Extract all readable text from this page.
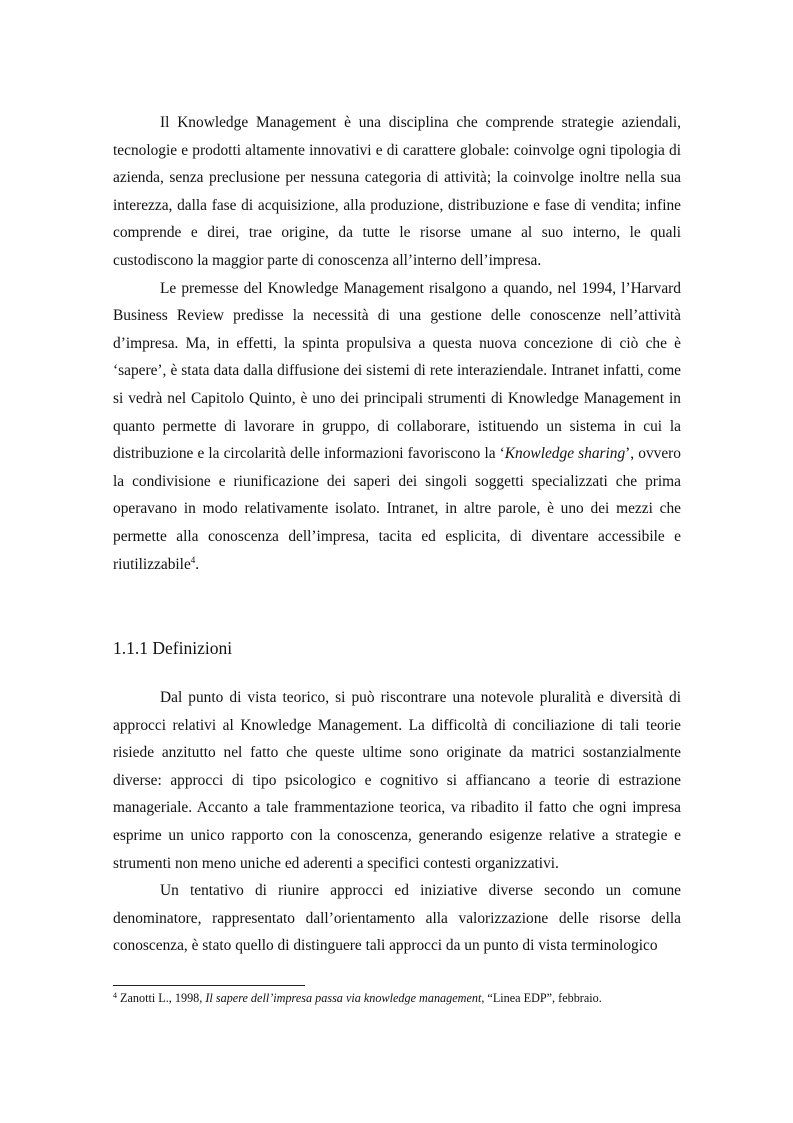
Il Knowledge Management è una disciplina che comprende strategie aziendali, tecnologie e prodotti altamente innovativi e di carattere globale: coinvolge ogni tipologia di azienda, senza preclusione per nessuna categoria di attività; la coinvolge inoltre nella sua interezza, dalla fase di acquisizione, alla produzione, distribuzione e fase di vendita; infine comprende e direi, trae origine, da tutte le risorse umane al suo interno, le quali custodiscono la maggior parte di conoscenza all’interno dell’impresa.

Le premesse del Knowledge Management risalgono a quando, nel 1994, l’Harvard Business Review predisse la necessità di una gestione delle conoscenze nell’attività d’impresa. Ma, in effetti, la spinta propulsiva a questa nuova concezione di ciò che è ‘sapere’, è stata data dalla diffusione dei sistemi di rete interaziendale. Intranet infatti, come si vedrà nel Capitolo Quinto, è uno dei principali strumenti di Knowledge Management in quanto permette di lavorare in gruppo, di collaborare, istituendo un sistema in cui la distribuzione e la circolarità delle informazioni favoriscono la ‘Knowledge sharing’, ovvero la condivisione e riunificazione dei saperi dei singoli soggetti specializzati che prima operavano in modo relativamente isolato. Intranet, in altre parole, è uno dei mezzi che permette alla conoscenza dell’impresa, tacita ed esplicita, di diventare accessibile e riutilizzabile$^4$.

1.1.1 Definizioni

Dal punto di vista teorico, si può riscontrare una notevole pluralità e diversità di approcci relativi al Knowledge Management. La difficoltà di conciliazione di tali teorie risiede anzitutto nel fatto che queste ultime sono originate da matrici sostanzialmente diverse: approcci di tipo psicologico e cognitivo si affiancano a teorie di estrazione manageriale. Accanto a tale frammentazione teorica, va ribadito il fatto che ogni impresa esprime un unico rapporto con la conoscenza, generando esigenze relative a strategie e strumenti non meno uniche ed aderenti a specifici contesti organizzativi.

Un tentativo di riunire approcci ed iniziative diverse secondo un comune denominatore, rappresentato dall’orientamento alla valorizzazione delle risorse della conoscenza, è stato quello di distinguere tali approcci da un punto di vista terminologico

$^4$ Zanotti L., 1998, Il sapere dell’impresa passa via knowledge management, “Linea EDP”, febbraio.
